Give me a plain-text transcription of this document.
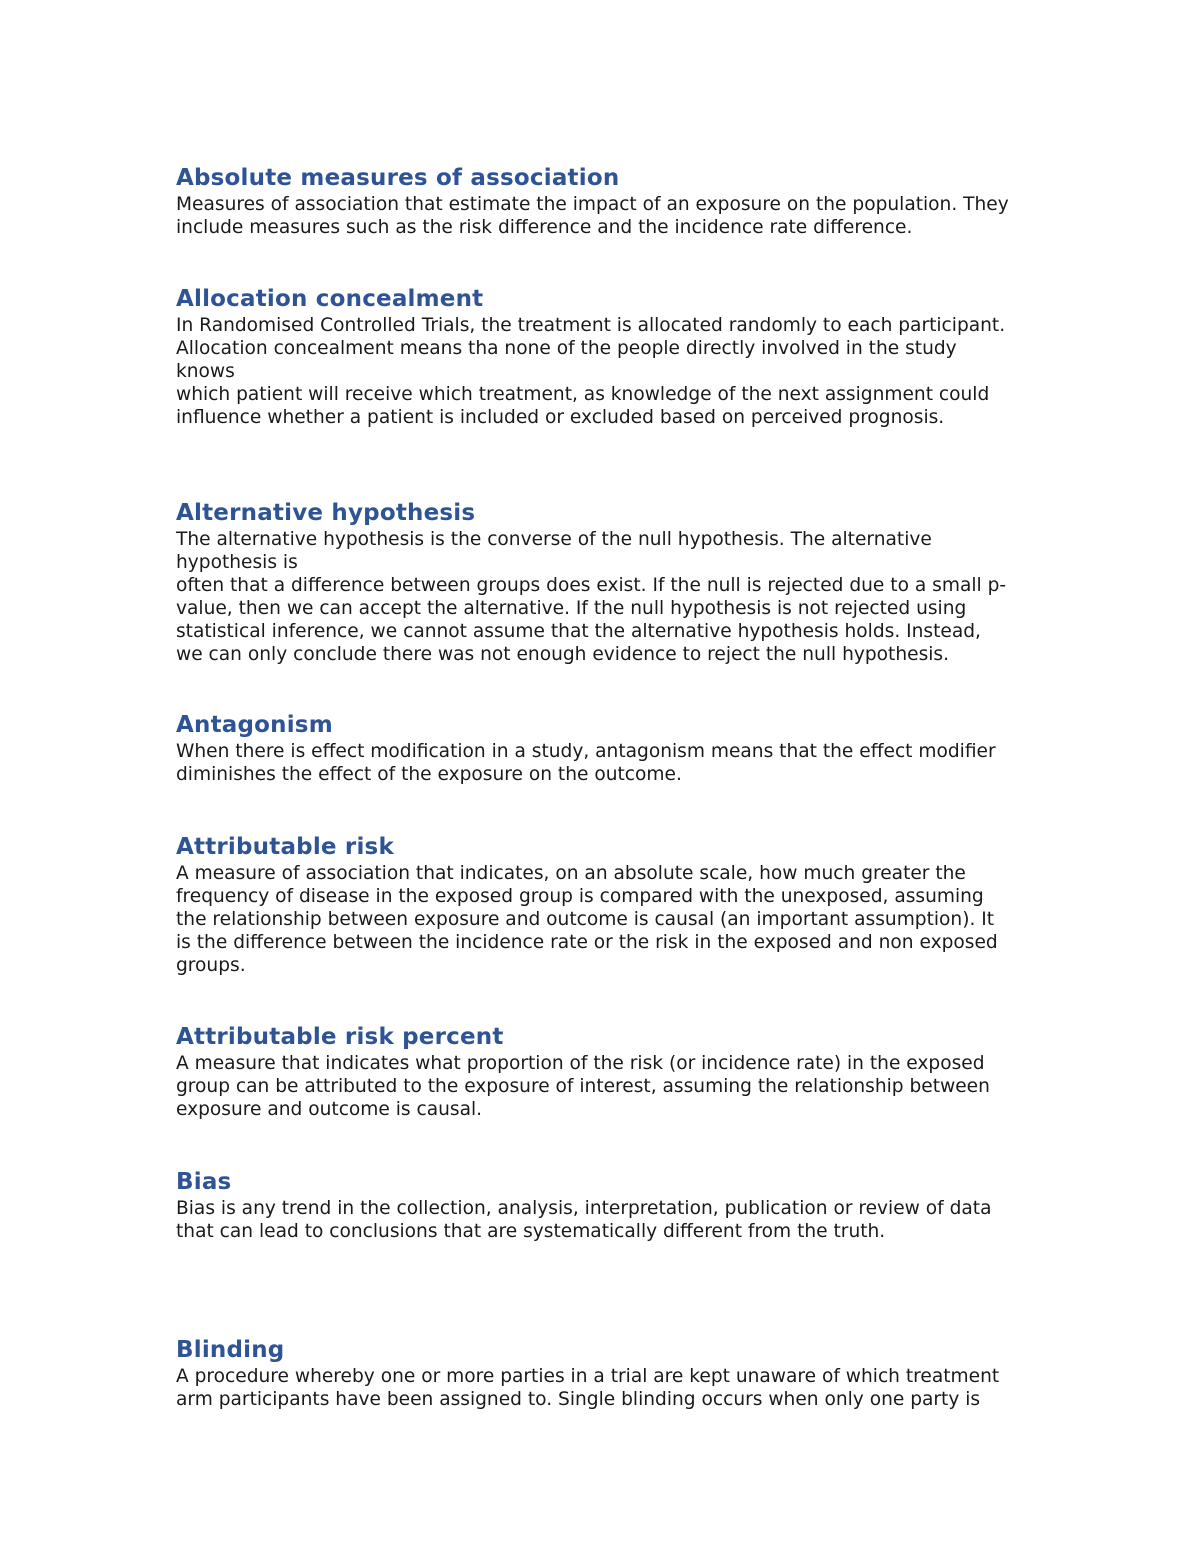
Absolute measures of association
Measures of association that estimate the impact of an exposure on the population. They
include measures such as the risk difference and the incidence rate difference.
Allocation concealment
In Randomised Controlled Trials, the treatment is allocated randomly to each participant.
Allocation concealment means tha none of the people directly involved in the study
knows
which patient will receive which treatment, as knowledge of the next assignment could
influence whether a patient is included or excluded based on perceived prognosis.
Alternative hypothesis
The alternative hypothesis is the converse of the null hypothesis. The alternative
hypothesis is
often that a difference between groups does exist. If the null is rejected due to a small p-
value, then we can accept the alternative. If the null hypothesis is not rejected using
statistical inference, we cannot assume that the alternative hypothesis holds. Instead,
we can only conclude there was not enough evidence to reject the null hypothesis.
Antagonism
When there is effect modification in a study, antagonism means that the effect modifier
diminishes the effect of the exposure on the outcome.
Attributable risk
A measure of association that indicates, on an absolute scale, how much greater the
frequency of disease in the exposed group is compared with the unexposed, assuming
the relationship between exposure and outcome is causal (an important assumption). It
is the difference between the incidence rate or the risk in the exposed and non exposed
groups.
Attributable risk percent
A measure that indicates what proportion of the risk (or incidence rate) in the exposed
group can be attributed to the exposure of interest, assuming the relationship between
exposure and outcome is causal.
Bias
Bias is any trend in the collection, analysis, interpretation, publication or review of data
that can lead to conclusions that are systematically different from the truth.
Blinding
A procedure whereby one or more parties in a trial are kept unaware of which treatment
arm participants have been assigned to. Single blinding occurs when only one party is
